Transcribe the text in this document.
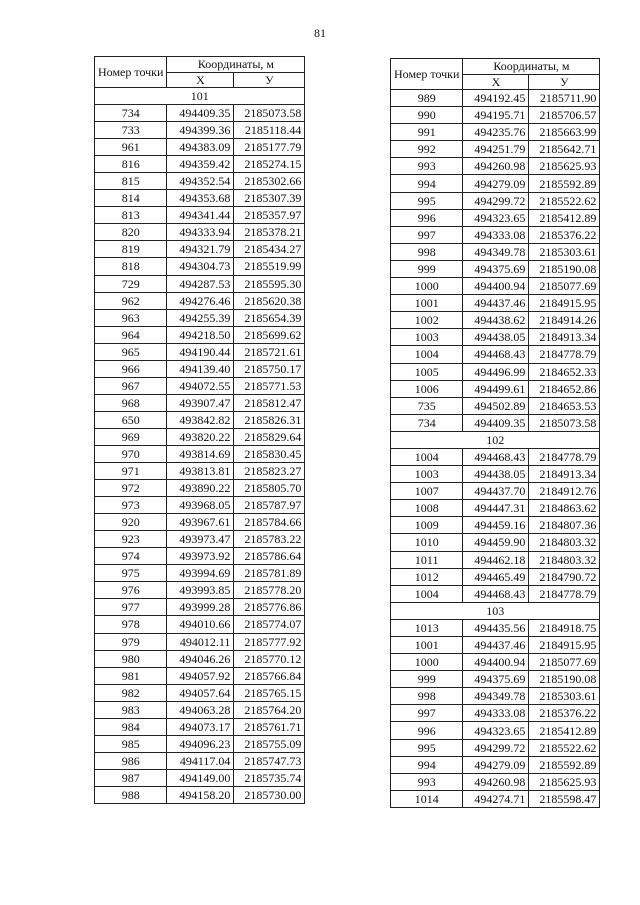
81
Номер точки	Координаты, м	
	Х	У
101		
734	494409.35	2185073.58
733	494399.36	2185118.44
961	494383.09	2185177.79
816	494359.42	2185274.15
815	494352.54	2185302.66
814	494353.68	2185307.39
813	494341.44	2185357.97
820	494333.94	2185378.21
819	494321.79	2185434.27
818	494304.73	2185519.99
729	494287.53	2185595.30
962	494276.46	2185620.38
963	494255.39	2185654.39
964	494218.50	2185699.62
965	494190.44	2185721.61
966	494139.40	2185750.17
967	494072.55	2185771.53
968	493907.47	2185812.47
650	493842.82	2185826.31
969	493820.22	2185829.64
970	493814.69	2185830.45
971	493813.81	2185823.27
972	493890.22	2185805.70
973	493968.05	2185787.97
920	493967.61	2185784.66
923	493973.47	2185783.22
974	493973.92	2185786.64
975	493994.69	2185781.89
976	493993.85	2185778.20
977	493999.28	2185776.86
978	494010.66	2185774.07
979	494012.11	2185777.92
980	494046.26	2185770.12
981	494057.92	2185766.84
982	494057.64	2185765.15
983	494063.28	2185764.20
984	494073.17	2185761.71
985	494096.23	2185755.09
986	494117.04	2185747.73
987	494149.00	2185735.74
988	494158.20	2185730.00
Номер точки	Координаты, м	
	Х	У
989	494192.45	2185711.90
990	494195.71	2185706.57
991	494235.76	2185663.99
992	494251.79	2185642.71
993	494260.98	2185625.93
994	494279.09	2185592.89
995	494299.72	2185522.62
996	494323.65	2185412.89
997	494333.08	2185376.22
998	494349.78	2185303.61
999	494375.69	2185190.08
1000	494400.94	2185077.69
1001	494437.46	2184915.95
1002	494438.62	2184914.26
1003	494438.05	2184913.34
1004	494468.43	2184778.79
1005	494496.99	2184652.33
1006	494499.61	2184652.86
735	494502.89	2184653.53
734	494409.35	2185073.58
102		
1004	494468.43	2184778.79
1003	494438.05	2184913.34
1007	494437.70	2184912.76
1008	494447.31	2184863.62
1009	494459.16	2184807.36
1010	494459.90	2184803.32
1011	494462.18	2184803.32
1012	494465.49	2184790.72
1004	494468.43	2184778.79
103		
1013	494435.56	2184918.75
1001	494437.46	2184915.95
1000	494400.94	2185077.69
999	494375.69	2185190.08
998	494349.78	2185303.61
997	494333.08	2185376.22
996	494323.65	2185412.89
995	494299.72	2185522.62
994	494279.09	2185592.89
993	494260.98	2185625.93
1014	494274.71	2185598.47
